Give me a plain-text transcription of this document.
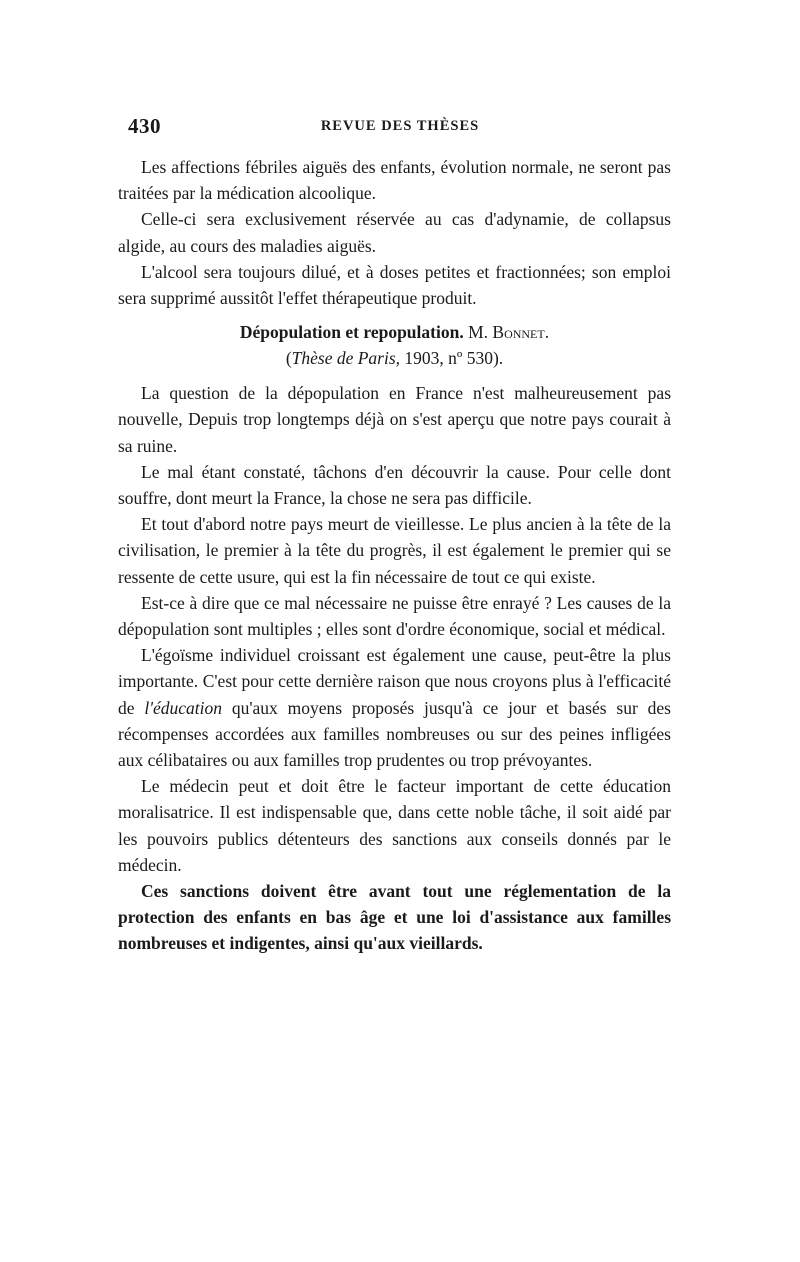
430	REVUE DES THÈSES

Les affections fébriles aiguës des enfants, évolution normale, ne seront pas traitées par la médication alcoolique.

Celle-ci sera exclusivement réservée au cas d'adynamie, de collapsus algide, au cours des maladies aiguës.

L'alcool sera toujours dilué, et à doses petites et fractionnées; son emploi sera supprimé aussitôt l'effet thérapeutique produit.

Dépopulation et repopulation. M. Bonnet.
(Thèse de Paris, 1903, nº 530).

La question de la dépopulation en France n'est malheureusement pas nouvelle, Depuis trop longtemps déjà on s'est aperçu que notre pays courait à sa ruine.

Le mal étant constaté, tâchons d'en découvrir la cause. Pour celle dont souffre, dont meurt la France, la chose ne sera pas difficile.

Et tout d'abord notre pays meurt de vieillesse. Le plus ancien à la tête de la civilisation, le premier à la tête du progrès, il est également le premier qui se ressente de cette usure, qui est la fin nécessaire de tout ce qui existe.

Est-ce à dire que ce mal nécessaire ne puisse être enrayé ? Les causes de la dépopulation sont multiples ; elles sont d'ordre économique, social et médical.

L'égoïsme individuel croissant est également une cause, peut-être la plus importante. C'est pour cette dernière raison que nous croyons plus à l'efficacité de l'éducation qu'aux moyens proposés jusqu'à ce jour et basés sur des récompenses accordées aux familles nombreuses ou sur des peines infligées aux célibataires ou aux familles trop prudentes ou trop prévoyantes.

Le médecin peut et doit être le facteur important de cette éducation moralisatrice. Il est indispensable que, dans cette noble tâche, il soit aidé par les pouvoirs publics détenteurs des sanctions aux conseils donnés par le médecin.

Ces sanctions doivent être avant tout une réglementation de la protection des enfants en bas âge et une loi d'assistance aux familles nombreuses et indigentes, ainsi qu'aux vieillards.
